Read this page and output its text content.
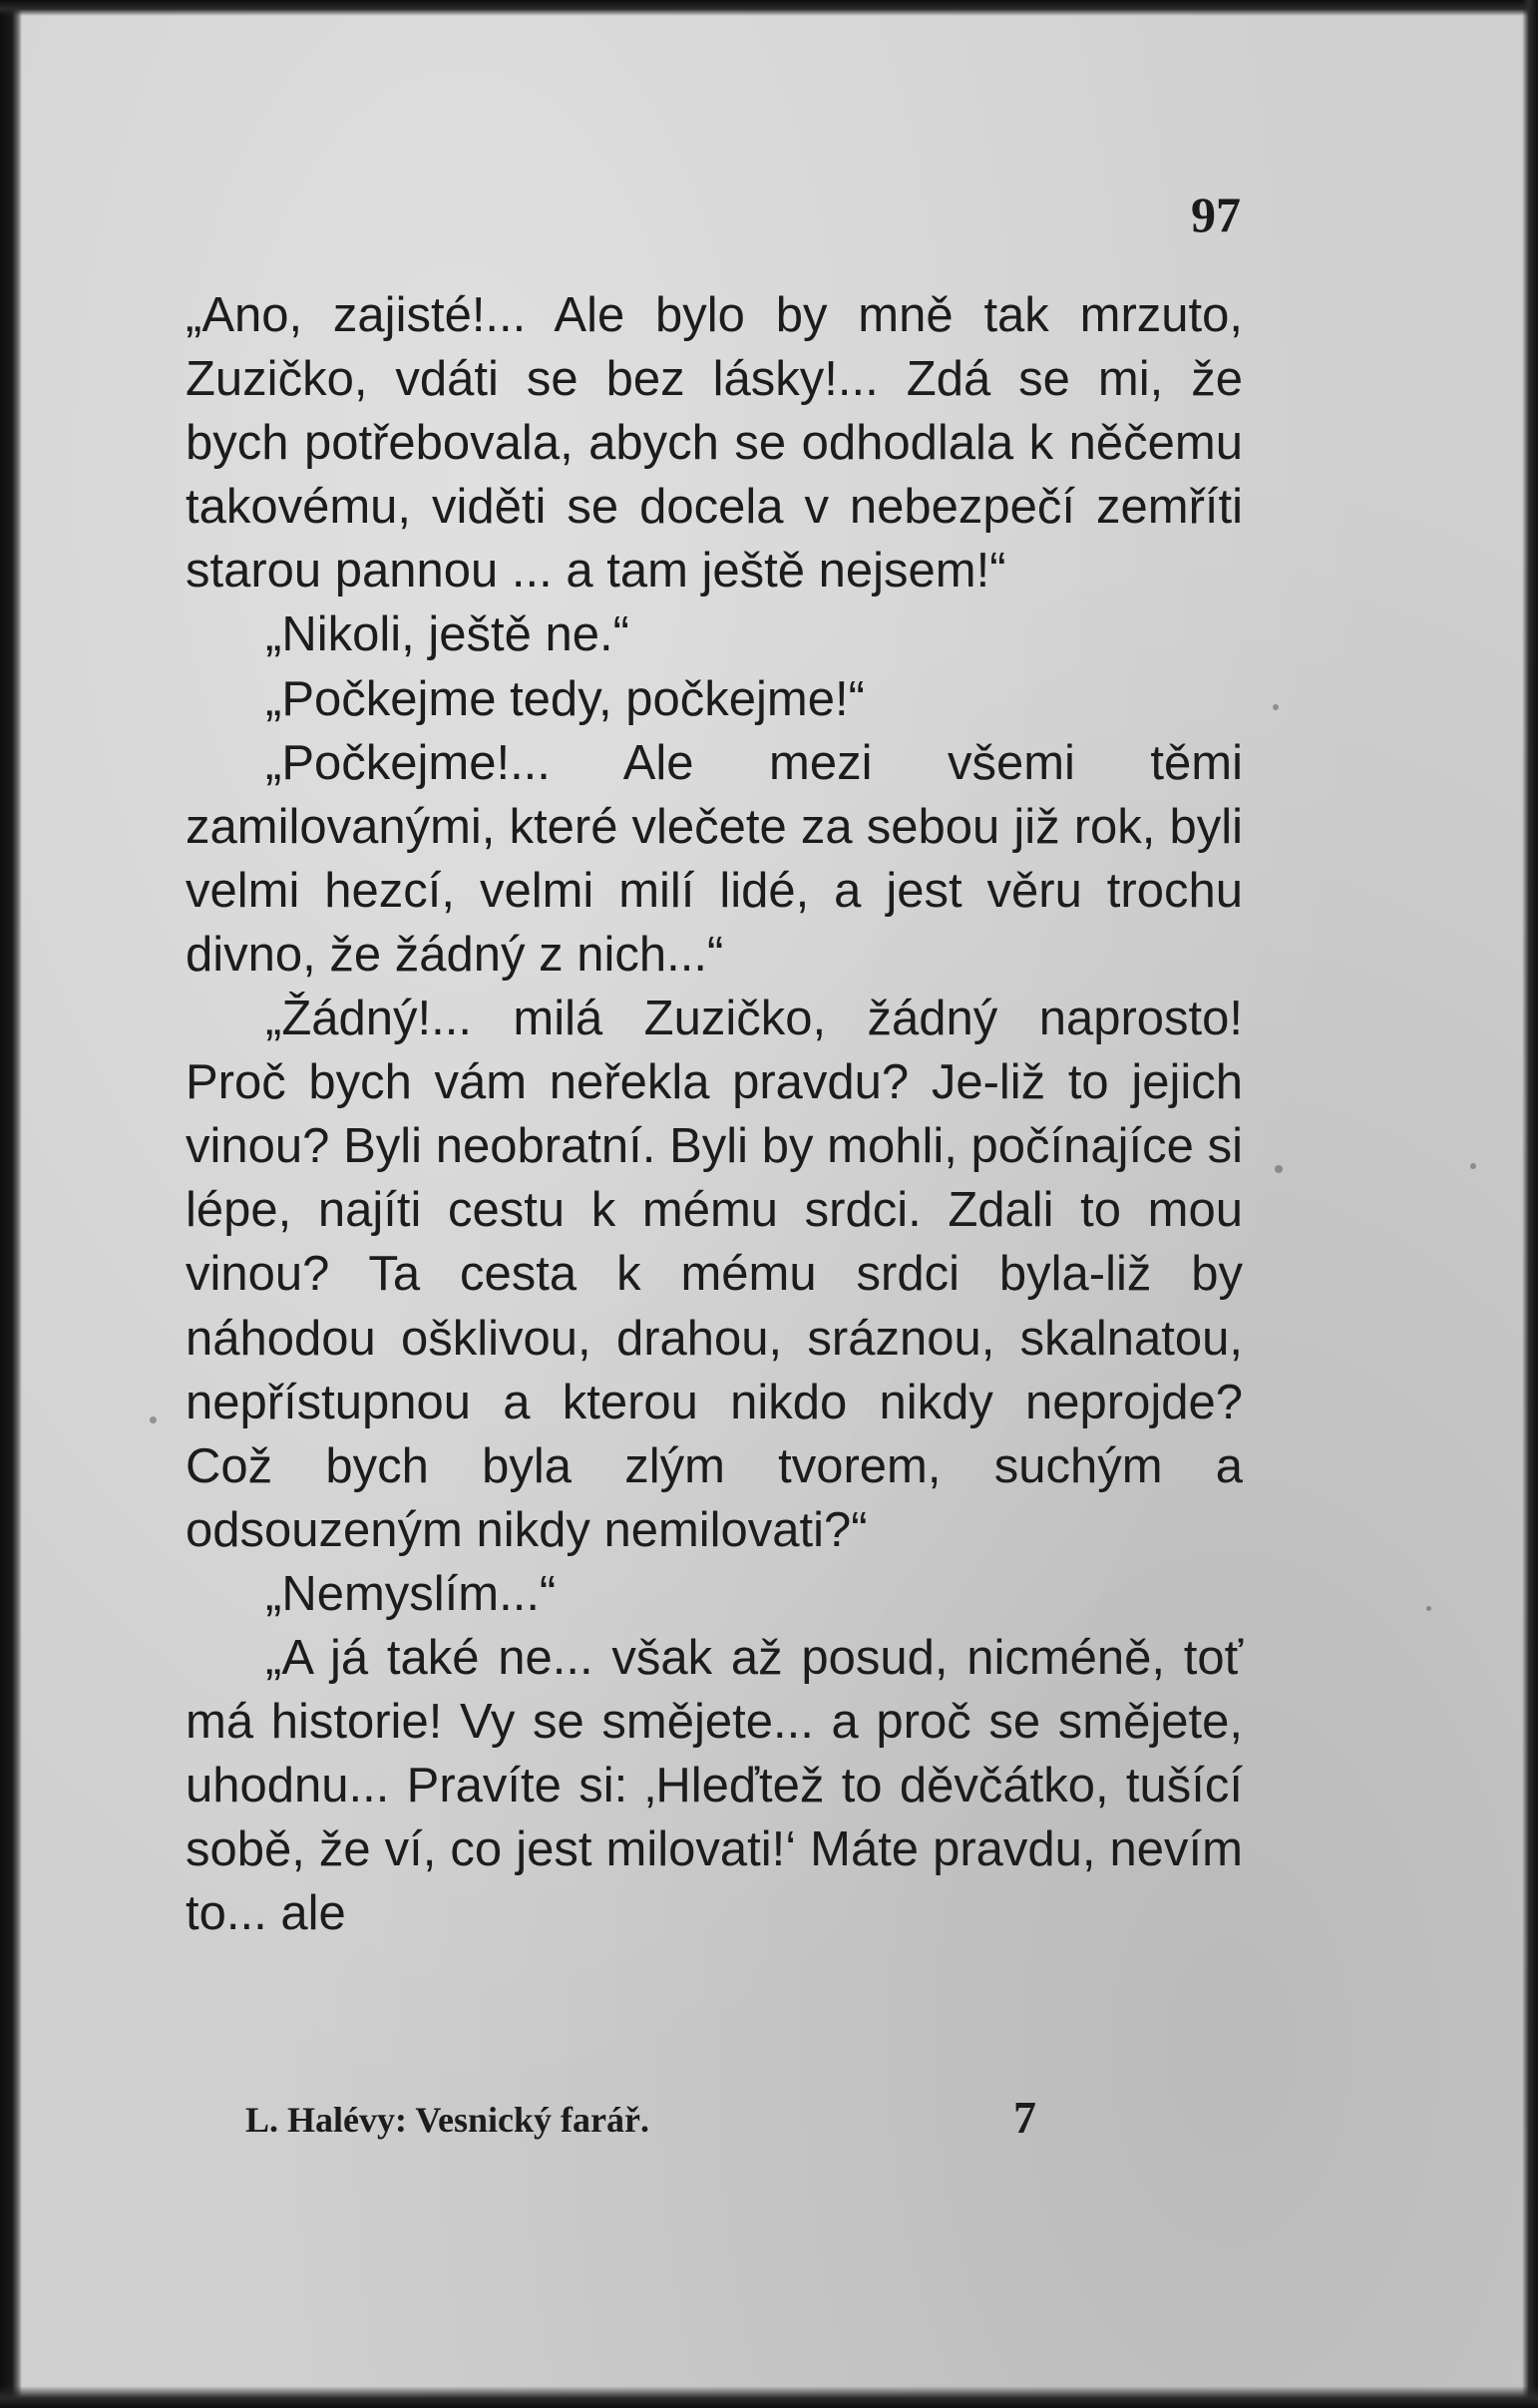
97

„Ano, zajisté!... Ale bylo by mně tak mrzuto, Zuzičko, vdáti se bez lásky!... Zdá se mi, že bych potřebovala, abych se odhodlala k něčemu takovému, viděti se docela v nebezpečí zemříti starou pannou ... a tam ještě nejsem!“

„Nikoli, ještě ne.“

„Počkejme tedy, počkejme!“

„Počkejme!... Ale mezi všemi těmi zamilovanými, které vlečete za sebou již rok, byli velmi hezcí, velmi milí lidé, a jest věru trochu divno, že žádný z nich...“

„Žádný!... milá Zuzičko, žádný naprosto! Proč bych vám neřekla pravdu? Je-liž to jejich vinou? Byli neobratní. Byli by mohli, počínajíce si lépe, najíti cestu k mému srdci. Zdali to mou vinou? Ta cesta k mému srdci byla-liž by náhodou ošklivou, drahou, sráznou, skalnatou, nepřístupnou a kterou nikdo nikdy neprojde? Což bych byla zlým tvorem, suchým a odsouzeným nikdy nemilovati?“

„Nemyslím...“

„A já také ne... však až posud, nicméně, toť má historie! Vy se smějete... a proč se smějete, uhodnu... Pravíte si: ‚Hleďtež to děvčátko, tušící sobě, že ví, co jest milovati!‘ Máte pravdu, nevím to... ale

L. Halévy: Vesnický farář.	7
